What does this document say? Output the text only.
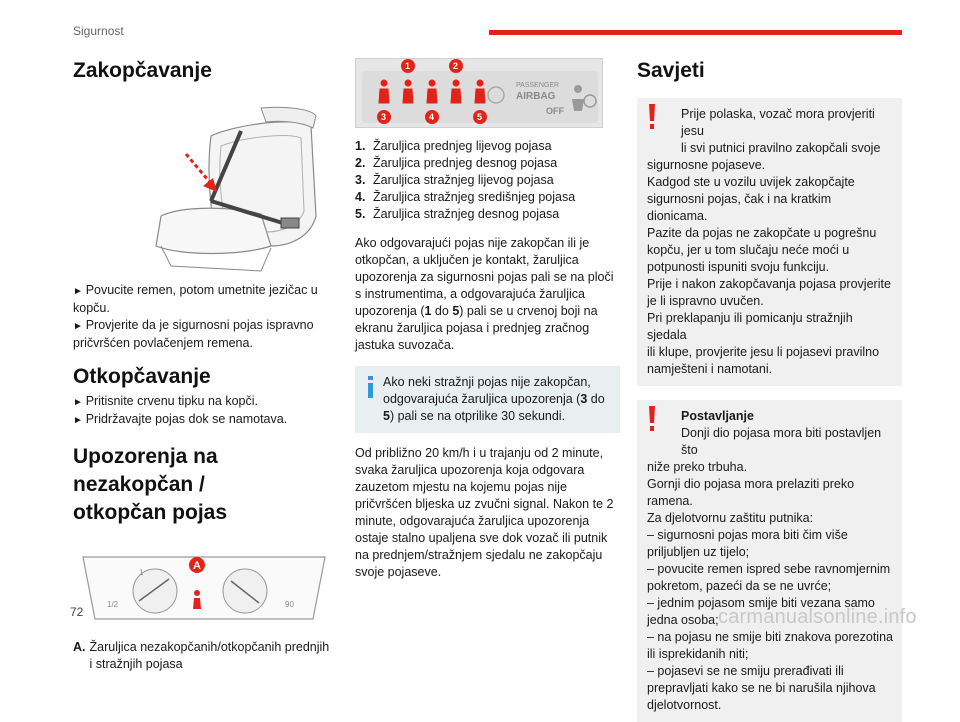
Sigurnost
Zakopčavanje

► Povucite remen, potom umetnite jezičac u kopču.

► Provjerite da je sigurnosni pojas ispravno pričvršćen povlačenjem remena.

Otkopčavanje

► Pritisnite crvenu tipku na kopči.

► Pridržavajte pojas dok se namotava.

Upozorenja na nezakopčan /
otkopčan pojas
1/2	90
1
A
A. Žaruljica nezakopčanih/otkopčanih prednjih i stražnjih pojasa
1	2
3	4	5
PASSENGER
AIRBAG
OFF
1. Žaruljica prednjeg lijevog pojasa
2. Žaruljica prednjeg desnog pojasa
3. Žaruljica stražnjeg lijevog pojasa
4. Žaruljica stražnjeg središnjeg pojasa
5. Žaruljica stražnjeg desnog pojasa

Ako odgovarajući pojas nije zakopčan ili je otkopčan, a uključen je kontakt, žaruljica upozorenja za sigurnosni pojas pali se na ploči s instrumentima, a odgovarajuća žaruljica upozorenja (1 do 5) pali se u crvenoj boji na ekranu žaruljica pojasa i prednjeg zračnog jastuka suvozača.

Ako neki stražnji pojas nije zakopčan, odgovarajuća žaruljica upozorenja (3 do 5) pali se na otprilike 30 sekundi.

Od približno 20 km/h i u trajanju od 2 minute, svaka žaruljica upozorenja koja odgovara zauzetom mjestu na kojemu pojas nije pričvršćen bljeska uz zvučni signal. Nakon te 2 minute, odgovarajuća žaruljica upozorenja ostaje stalno upaljena sve dok vozač ili putnik na prednjem/stražnjem sjedalu ne zakopčaju svoje pojaseve.

Savjeti
Prije polaska, vozač mora provjeriti jesu
li svi putnici pravilno zakopčali svoje
sigurnosne pojaseve.
Kadgod ste u vozilu uvijek zakopčajte
sigurnosni pojas, čak i na kratkim dionicama.
Pazite da pojas ne zakopčate u pogrešnu
kopču, jer u tom slučaju neće moći u
potpunosti ispuniti svoju funkciju.
Prije i nakon zakopčavanja pojasa provjerite
je li ispravno uvučen.
Pri preklapanju ili pomicanju stražnjih sjedala
ili klupe, provjerite jesu li pojasevi pravilno
namješteni i namotani.
Postavljanje
Donji dio pojasa mora biti postavljen što
niže preko trbuha.
Gornji dio pojasa mora prelaziti preko
ramena.
Za djelotvornu zaštitu putnika:
– sigurnosni pojas mora biti čim više
priljubljen uz tijelo;
– povucite remen ispred sebe ravnomjernim
pokretom, pazeći da se ne uvrće;
– jednim pojasom smije biti vezana samo
jedna osoba;
– na pojasu ne smije biti znakova porezotina
ili isprekidanih niti;
– pojasevi se ne smiju prerađivati ili
prepravljati kako se ne bi narušila njihova
djelotvornost.
72	carmanualsonline.info
